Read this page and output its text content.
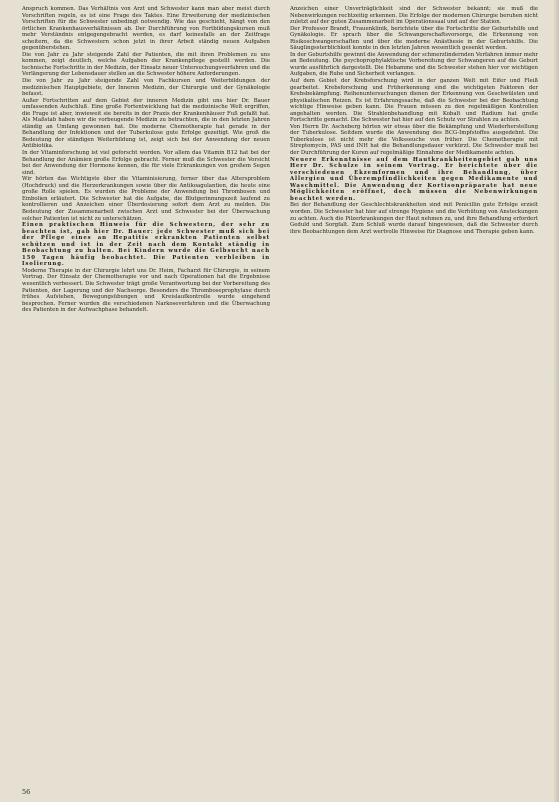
Anspruch kommen. Das Verhältnis von Arzt und Schwester kann man aber meist durch Vorschriften regeln, es ist eine Frage des Taktes. Eine Erweiterung der medizinischen Vorschriften für die Schwester unbedingt notwendig. Wie das geschieht, hängt von den örtlichen Krankenhausverhältnissen ab. Der Durchführung von Fortbildungskursen muß mehr Verständnis entgegengebracht werden, es darf keinesfalls an der Zeitfrage scheitern, da die Schwestern schon jetzt in ihrer Arbeit ständig neuen Aufgaben gegenüberstehen.

Die von Jahr zu Jahr steigende Zahl der Patienten, die mit ihren Problemen zu uns kommen, zeigt deutlich, welche Aufgaben der Krankenpflege gestellt werden. Die technische Fortschritte in der Medizin, der Einsatz neuer Untersuchungsverfahren und die Verlängerung der Lebensdauer stellen an die Schwester höhere Anforderungen.

Die von Jahr zu Jahr steigende Zahl von Fachkursen und Weiterbildungen der medizinischen Hauptgebiete, der Inneren Medizin, der Chirurgie und der Gynäkologie befasst.

Außer Fortschritten auf dem Gebiet der inneren Medizin gibt uns hier Dr. Bauer umfassenden Aufschluß. Eine große Fortentwicklung hat die medizinische Welt ergriffen, die Frage ist aber, inwieweit sie bereits in der Praxis der Krankenhäuser Fuß gefaßt hat. Als Maßstab haben wir die vorbeugende Medizin zu betrachten, die in den letzten Jahren ständig an Umfang gewonnen hat. Die moderne Chemotherapie hat gerade in der Behandlung der Infektionen und der Tuberkulose gute Erfolge gezeitigt. Wie groß die Bedeutung der ständigen Weiterbildung ist, zeigt sich bei der Anwendung der neuen Antibiotika.

In der Vitaminforschung ist viel geforscht worden. Vor allem das Vitamin B12 hat bei der Behandlung der Anämien große Erfolge gebracht. Ferner muß die Schwester die Vorsicht bei der Anwendung der Hormone kennen, die für viele Erkrankungen von großem Segen sind.

Wir hörten das Wichtigste über die Vitaminisierung, ferner über das Altersproblem (Hochdruck) und die Herzerkrankungen sowie über die Antikoagulantien, die heute eine große Rolle spielen. Es wurden die Probleme der Anwendung bei Thrombosen und Embolien erläutert. Die Schwester hat die Aufgabe, die Blutgerinnungszeit laufend zu kontrollieren und Anzeichen einer Überdosierung sofort dem Arzt zu melden. Die Bedeutung der Zusammenarbeit zwischen Arzt und Schwester bei der Überwachung solcher Patienten ist nicht zu unterschätzen.

Einen praktischen Hinweis für die Schwestern, der sehr zu beachten ist, gab hier Dr. Bauer: jede Schwester muß sich bei der Pflege eines an Hepatitis erkrankten Patienten selbst schützen und ist in der Zeit nach dem Kontakt ständig in Beobachtung zu halten. Bei Kindern wurde die Gelbsucht nach 150 Tagen häufig beobachtet. Die Patienten verbleiben in Isolierung.

Moderne Therapie in der Chirurgie lehrt uns Dr. Heim, Facharzt für Chirurgie, in seinem Vortrag. Der Einsatz der Chemotherapie vor und nach Operationen hat die Ergebnisse wesentlich verbessert. Die Schwester trägt große Verantwortung bei der Vorbereitung des Patienten, der Lagerung und der Nachsorge. Besonders die Thromboseprophylaxe durch frühes Aufstehen, Bewegungsübungen und Kreislaufkontrolle wurde eingehend besprochen. Ferner wurden die verschiedenen Narkoseverfahren und die Überwachung des Patienten in der Aufwachphase behandelt.

Anzeichen einer Unverträglichkeit sind der Schwester bekannt; sie muß die Nebenwirkungen rechtzeitig erkennen. Die Erfolge der modernen Chirurgie beruhen nicht zuletzt auf der guten Zusammenarbeit im Operationssaal und auf der Station.

Der Professor Brandt, Frauenklinik, berichtete über die Fortschritte der Geburtshilfe und Gynäkologie. Er sprach über die Schwangerschaftsvorsorge, die Erkennung von Risikoschwangerschaften und über die moderne Anästhesie in der Geburtshilfe. Die Säuglingssterblichkeit konnte in den letzten Jahren wesentlich gesenkt werden.

In der Geburtshilfe gewinnt die Anwendung der schmerzlindernden Verfahren immer mehr an Bedeutung. Die psychoprophylaktische Vorbereitung der Schwangeren auf die Geburt wurde ausführlich dargestellt. Die Hebamme und die Schwester stehen hier vor wichtigen Aufgaben, die Ruhe und Sicherheit verlangen.

Auf dem Gebiet der Krebsforschung wird in der ganzen Welt mit Eifer und Fleiß gearbeitet. Krebsforschung und Früherkennung sind die wichtigsten Faktoren der Krebsbekämpfung. Reihenuntersuchungen dienen der Erkennung von Geschwülsten und physikalischen Reizen. Es ist Erfahrungssache, daß die Schwester bei der Beobachtung wichtige Hinweise geben kann. Die Frauen müssen zu den regelmäßigen Kontrollen angehalten werden. Die Strahlenbehandlung mit Kobalt und Radium hat große Fortschritte gemacht. Die Schwester hat hier auf den Schutz vor Strahlen zu achten.

Von Herrn Dr. Ascheberg hörten wir etwas über die Bekämpfung und Wiederherstellung der Tuberkulose. Seitdem wurde die Anwendung des BCG-Impfstoffes ausgedehnt. Die Tuberkulose ist nicht mehr die Volksseuche von früher. Die Chemotherapie mit Streptomycin, PAS und INH hat die Behandlungsdauer verkürzt. Die Schwester muß bei der Durchführung der Kuren auf regelmäßige Einnahme der Medikamente achten.

Neuere Erkenntnisse auf dem Hautkrankheitengebiet gab uns Herr Dr. Schulze in seinem Vortrag. Er berichtete über die verschiedenen Ekzemformen und ihre Behandlung, über Allergien und Überempfindlichkeiten gegen Medikamente und Waschmittel. Die Anwendung der Kortisonpräparate hat neue Möglichkeiten eröffnet, doch müssen die Nebenwirkungen beachtet werden.

Bei der Behandlung der Geschlechtskrankheiten sind mit Penicillin gute Erfolge erzielt worden. Die Schwester hat hier auf strenge Hygiene und die Verhütung von Ansteckungen zu achten. Auch die Pilzerkrankungen der Haut nehmen zu, und ihre Behandlung erfordert Geduld und Sorgfalt. Zum Schluß wurde darauf hingewiesen, daß die Schwester durch ihre Beobachtungen dem Arzt wertvolle Hinweise für Diagnose und Therapie geben kann.

56
